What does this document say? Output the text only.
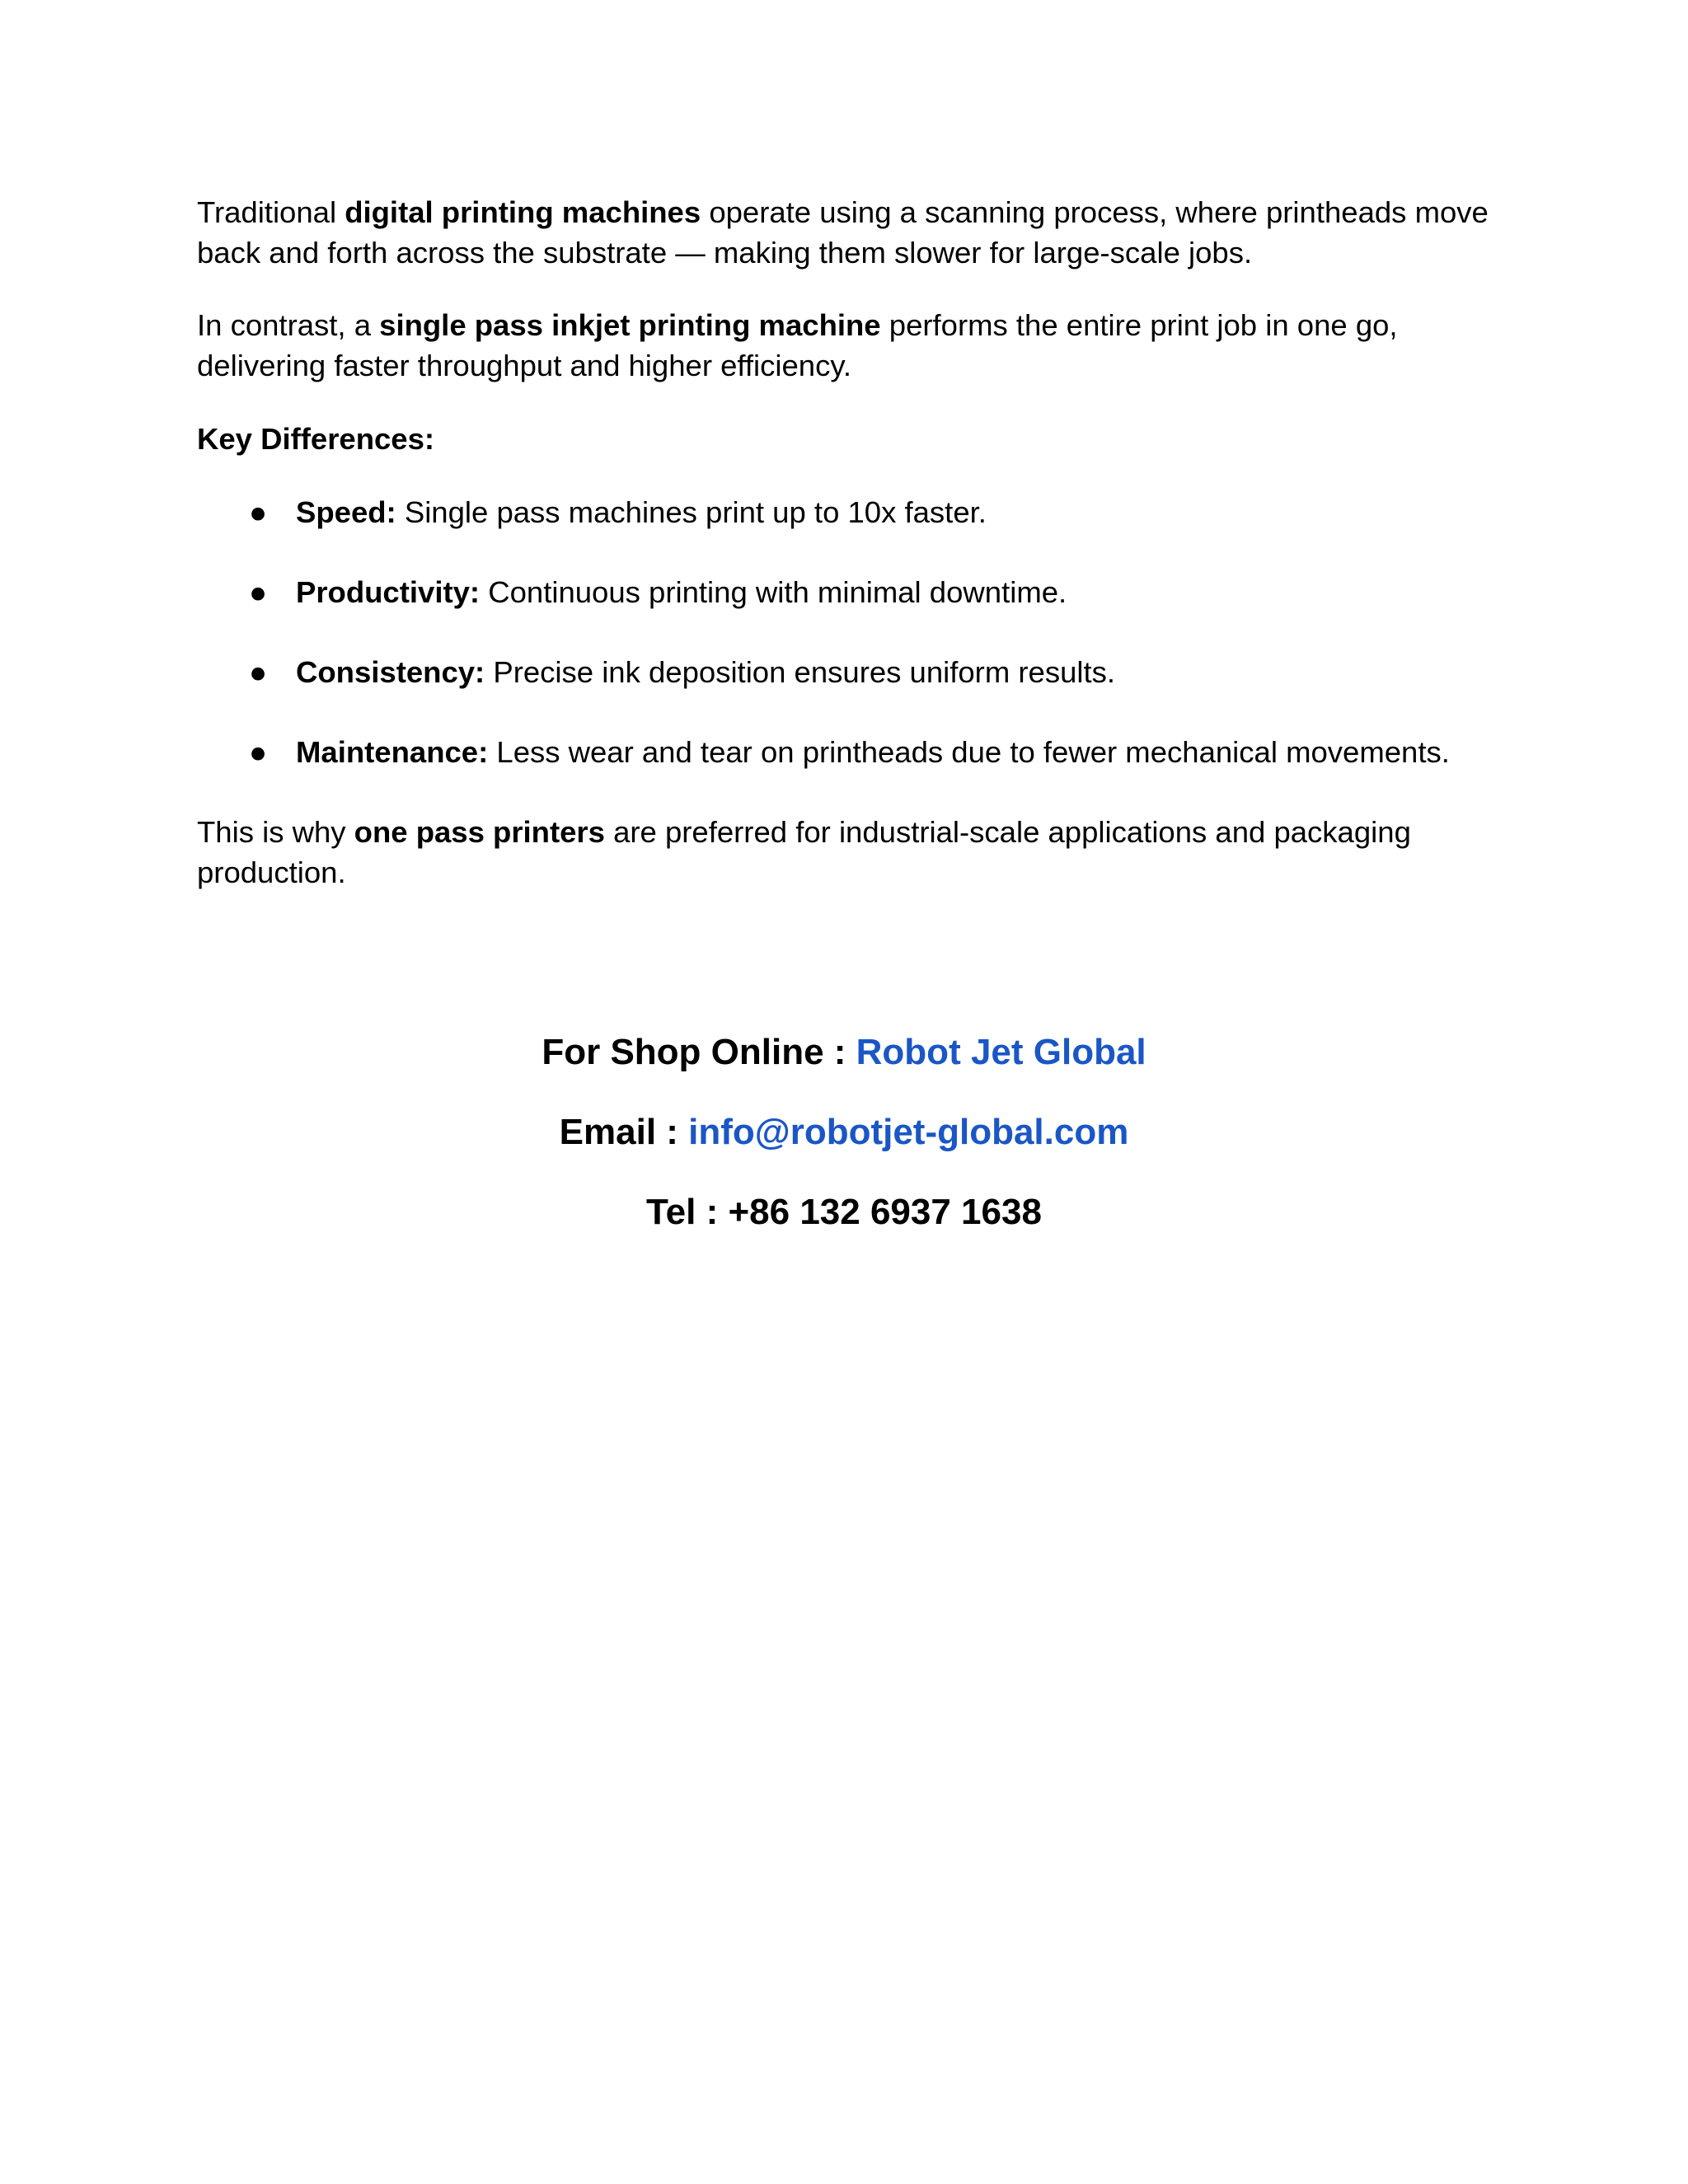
Traditional digital printing machines operate using a scanning process, where printheads move back and forth across the substrate — making them slower for large-scale jobs.

In contrast, a single pass inkjet printing machine performs the entire print job in one go, delivering faster throughput and higher efficiency.

Key Differences:

● Speed: Single pass machines print up to 10x faster.
● Productivity: Continuous printing with minimal downtime.
● Consistency: Precise ink deposition ensures uniform results.
● Maintenance: Less wear and tear on printheads due to fewer mechanical movements.

This is why one pass printers are preferred for industrial-scale applications and packaging production.

For Shop Online : Robot Jet Global
Email : info@robotjet-global.com
Tel : +86 132 6937 1638
